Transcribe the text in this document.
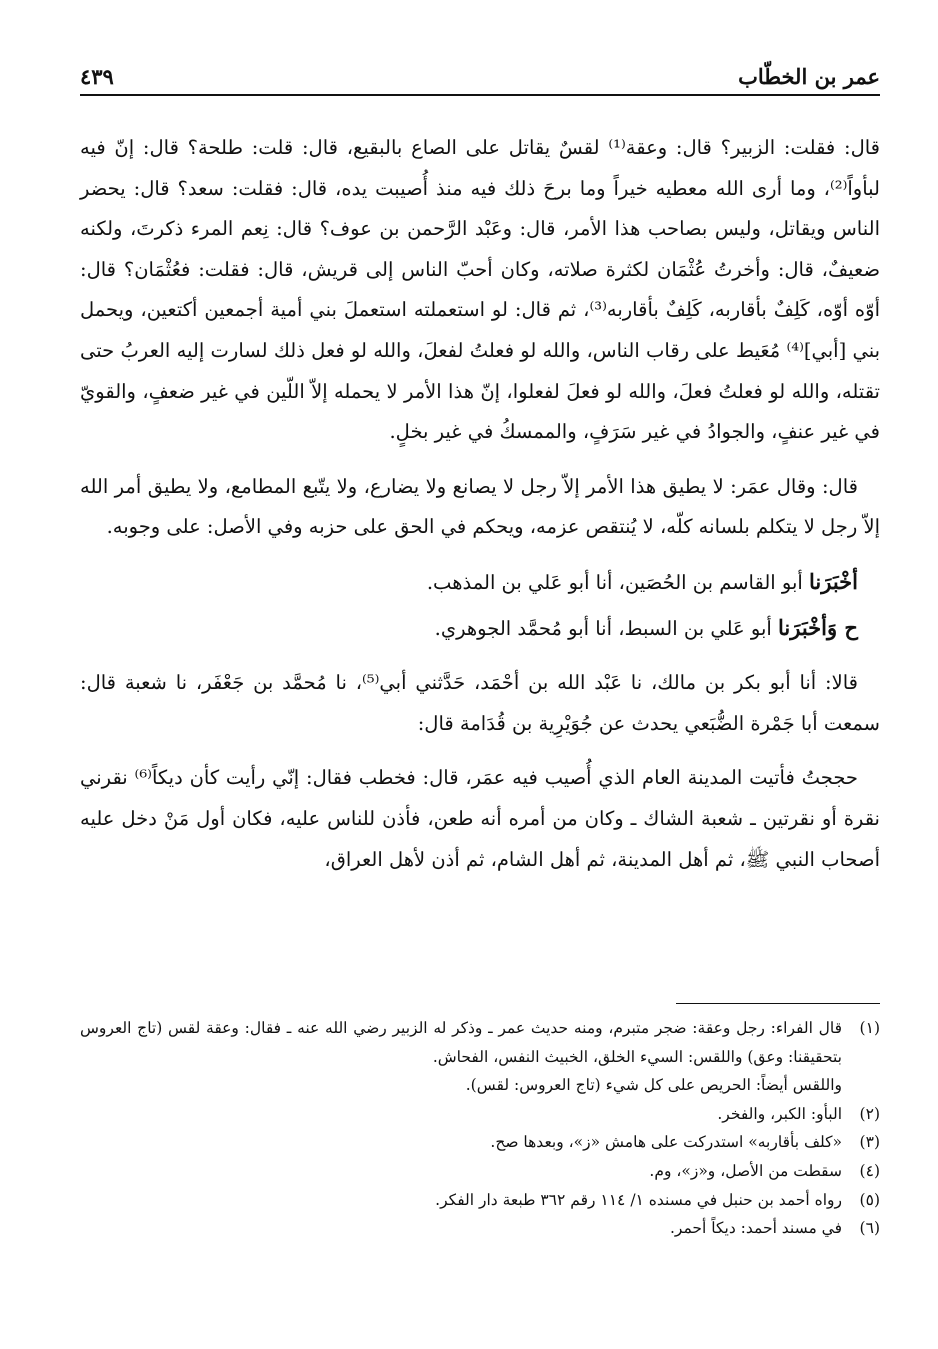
٤٣٩	عمر بن الخطّاب

قال: فقلت: الزبير؟ قال: وعقة⁽¹⁾ لقسٌ يقاتل على الصاع بالبقيع، قال: قلت: طلحة؟ قال: إنّ فيه لبأواً⁽²⁾، وما أرى الله معطيه خيراً وما برحَ ذلك فيه منذ أُصيبت يده، قال: فقلت: سعد؟ قال: يحضر الناس ويقاتل، وليس بصاحب هذا الأمر، قال: وعَبْد الرَّحمن بن عوف؟ قال: نِعم المرء ذكرتَ، ولكنه ضعيفٌ، قال: وأخرتُ عُثْمَان لكثرة صلاته، وكان أحبّ الناس إلى قريش، قال: فقلت: فعُثْمَان؟ قال: أوّه أوّه، كَلِفٌ بأقاربه، كَلِفٌ بأقاربه⁽³⁾، ثم قال: لو استعملته استعملَ بني أمية أجمعين أكتعين، ويحمل بني [أبي]⁽⁴⁾ مُعَيط على رقاب الناس، والله لو فعلتُ لفعلَ، والله لو فعل ذلك لسارت إليه العربُ حتى تقتله، والله لو فعلتُ فعلَ، والله لو فعلَ لفعلوا، إنّ هذا الأمر لا يحمله إلاّ اللّين في غير ضعفٍ، والقويّ في غير عنفٍ، والجوادُ في غير سَرَفٍ، والممسكُ في غير بخلٍ.

قال: وقال عمَر: لا يطيق هذا الأمر إلاّ رجل لا يصانع ولا يضارع، ولا يتّبع المطامع، ولا يطيق أمر الله إلاّ رجل لا يتكلم بلسانه كلّه، لا يُنتقص عزمه، ويحكم في الحق على حزبه وفي الأصل: على وجوبه.

أخْبَرَنا أبو القاسم بن الحُصَين، أنا أبو عَلي بن المذهب.

ح وَأخْبَرَنا أبو عَلي بن السبط، أنا أبو مُحمَّد الجوهري.

قالا: أنا أبو بكر بن مالك، نا عَبْد الله بن أحْمَد، حَدَّثني أبي⁽⁵⁾، نا مُحمَّد بن جَعْفَر، نا شعبة قال: سمعت أبا جَمْرة الضُّبَعي يحدث عن جُوَيْرِية بن قُدَامة قال:

حججتُ فأتيت المدينة العام الذي أُصيب فيه عمَر، قال: فخطب فقال: إنّي رأيت كأن ديكاً⁽⁶⁾ نقرني نقرة أو نقرتين ـ شعبة الشاك ـ وكان من أمره أنه طعن، فأذن للناس عليه، فكان أول مَنْ دخل عليه أصحاب النبي ﷺ، ثم أهل المدينة، ثم أهل الشام، ثم أذن لأهل العراق،

(١)
قال الفراء: رجل وعقة: ضجر متبرم، ومنه حديث عمر ـ وذكر له الزبير رضي الله عنه ـ فقال: وعقة لقس (تاج العروس بتحقيقنا: وعق) واللقس: السيء الخلق، الخبيث النفس، الفحاش.
واللقس أيضاً: الحريص على كل شيء (تاج العروس: لقس).
(٢)
البأو: الكبر، والفخر.
(٣)
«كلف بأقاربه» استدركت على هامش «ز»، وبعدها صح.
(٤)
سقطت من الأصل، و«ز»، وم.
(٥)
رواه أحمد بن حنبل في مسنده ١/ ١١٤ رقم ٣٦٢ طبعة دار الفكر.
(٦)
في مسند أحمد: ديكاً أحمر.
